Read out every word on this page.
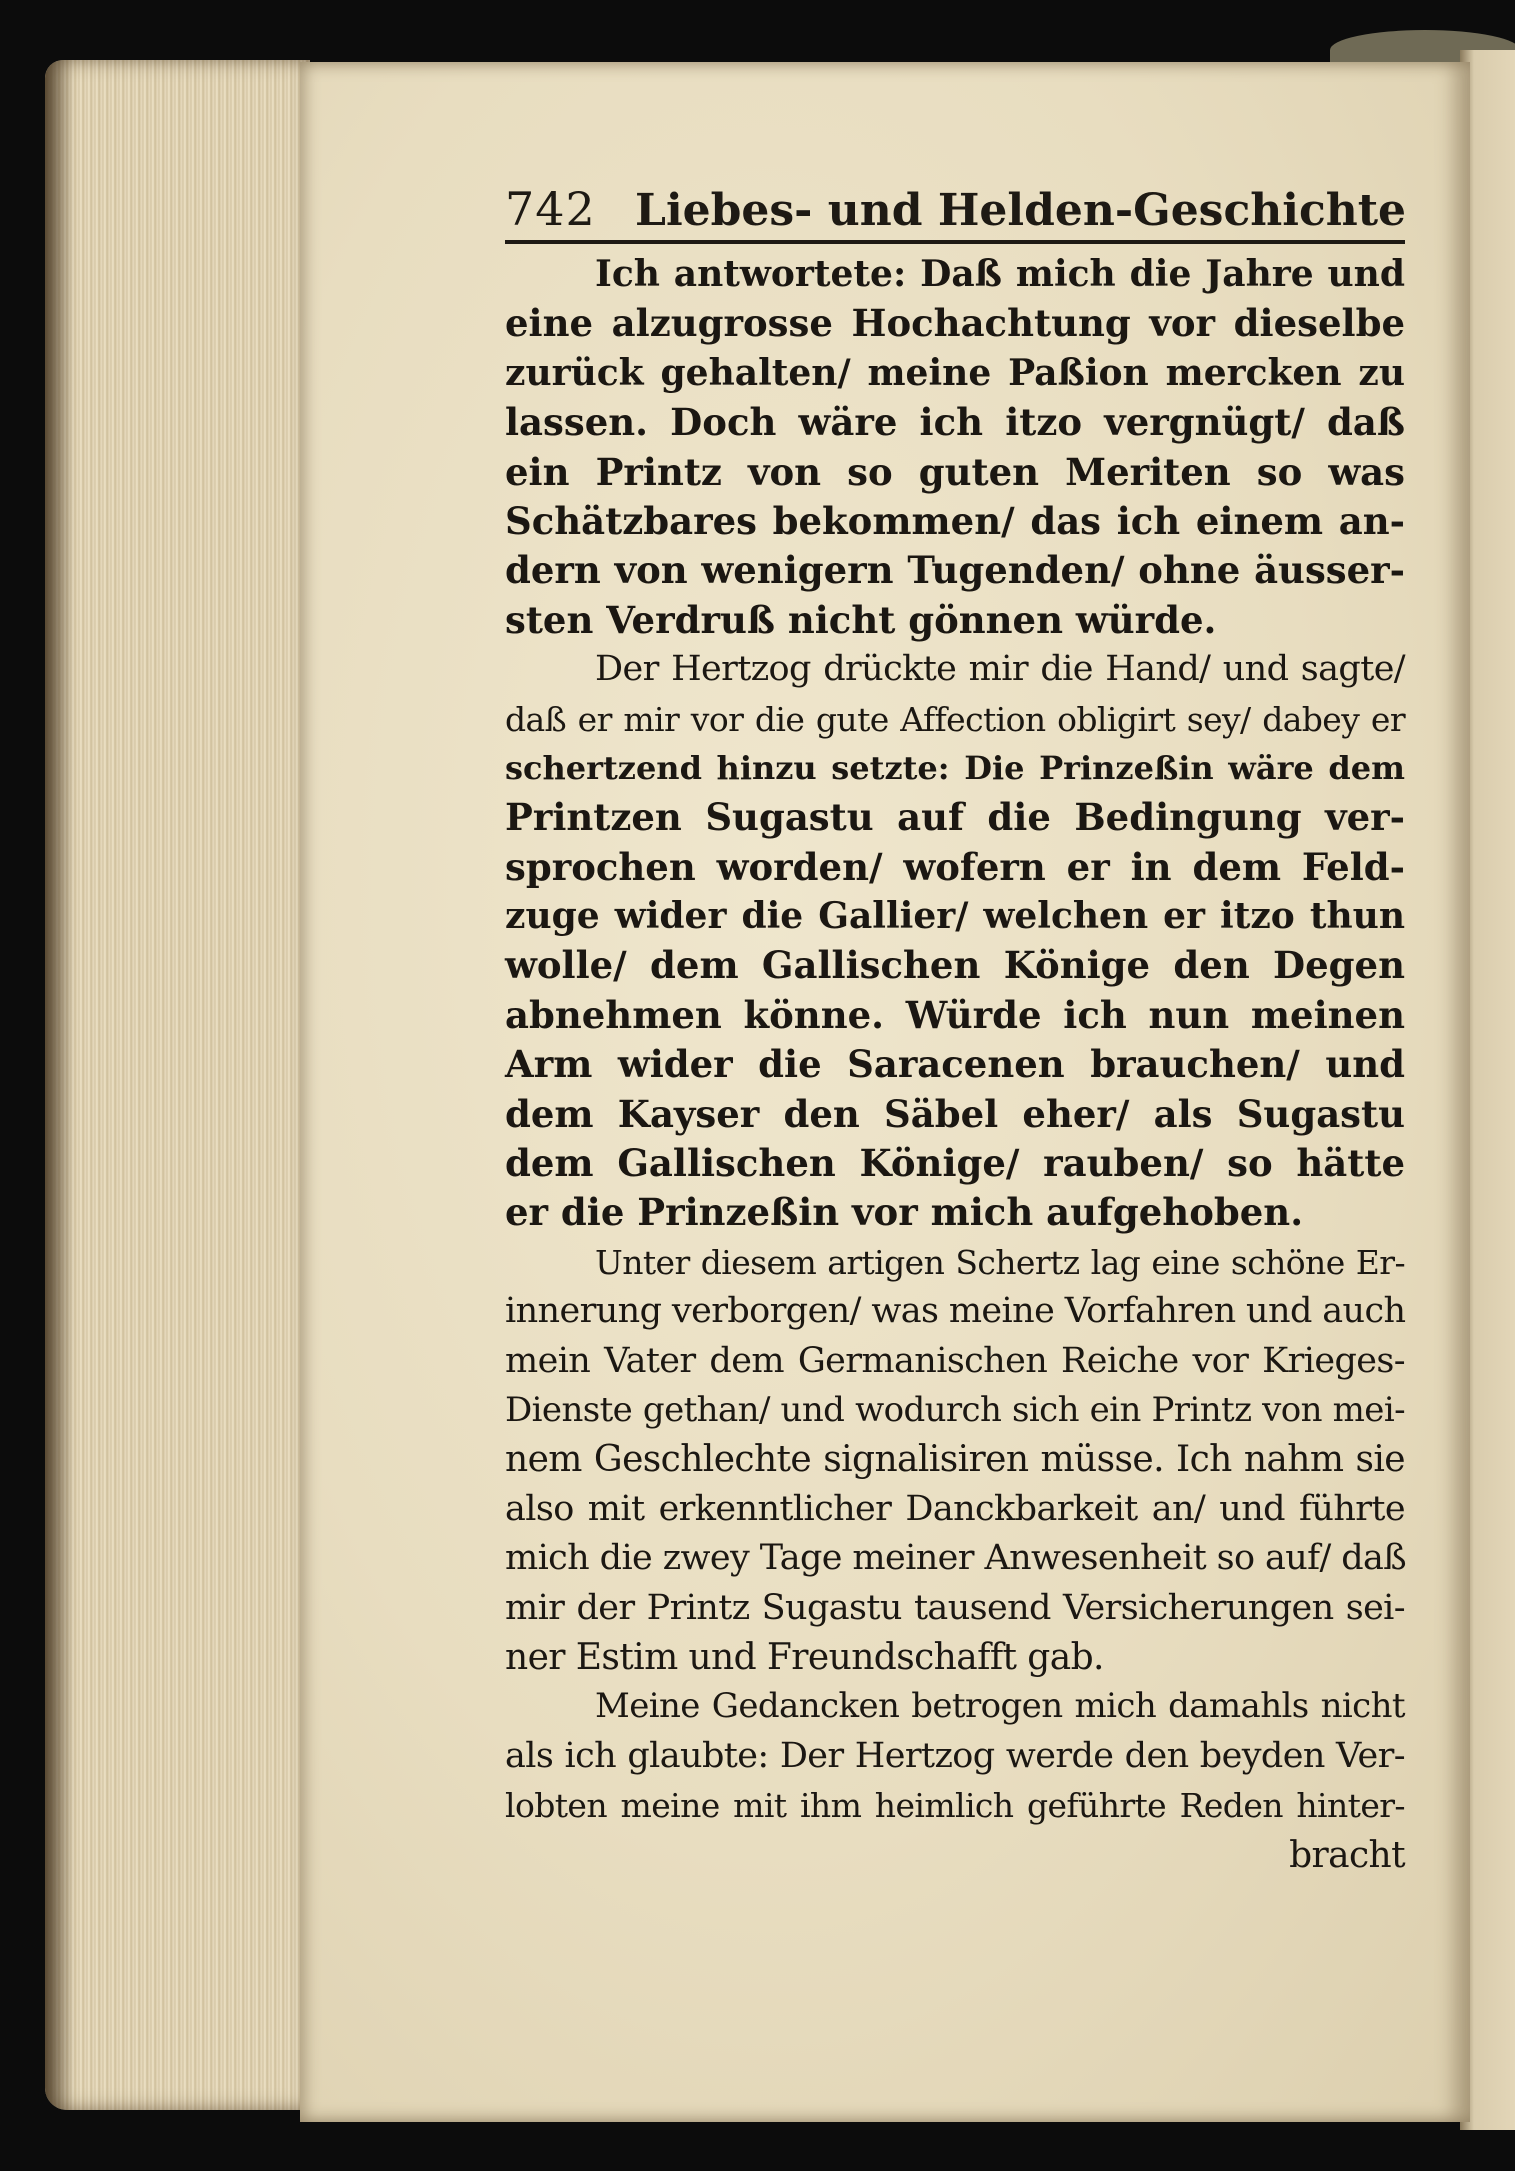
742 Liebes- und Helden-Geschichte
Ich antwortete: Daß mich die Jahre und
eine alzugrosse Hochachtung vor dieselbe
zurück gehalten/ meine Paßion mercken zu
lassen. Doch wäre ich itzo vergnügt/ daß
ein Printz von so guten Meriten so was
Schätzbares bekommen/ das ich einem an-
dern von wenigern Tugenden/ ohne äusser-
sten Verdruß nicht gönnen würde.
Der Hertzog drückte mir die Hand/ und sagte/
daß er mir vor die gute Affection obligirt sey/ dabey er
schertzend hinzu setzte: Die Prinzeßin wäre dem
Printzen Sugastu auf die Bedingung ver-
sprochen worden/ wofern er in dem Feld-
zuge wider die Gallier/ welchen er itzo thun
wolle/ dem Gallischen Könige den Degen
abnehmen könne. Würde ich nun meinen
Arm wider die Saracenen brauchen/ und
dem Kayser den Säbel eher/ als Sugastu
dem Gallischen Könige/ rauben/ so hätte
er die Prinzeßin vor mich aufgehoben.
Unter diesem artigen Schertz lag eine schöne Er-
innerung verborgen/ was meine Vorfahren und auch
mein Vater dem Germanischen Reiche vor Krieges-
Dienste gethan/ und wodurch sich ein Printz von mei-
nem Geschlechte signalisiren müsse. Ich nahm sie
also mit erkenntlicher Danckbarkeit an/ und führte
mich die zwey Tage meiner Anwesenheit so auf/ daß
mir der Printz Sugastu tausend Versicherungen sei-
ner Estim und Freundschafft gab.
Meine Gedancken betrogen mich damahls nicht
als ich glaubte: Der Hertzog werde den beyden Ver-
lobten meine mit ihm heimlich geführte Reden hinter-
bracht
